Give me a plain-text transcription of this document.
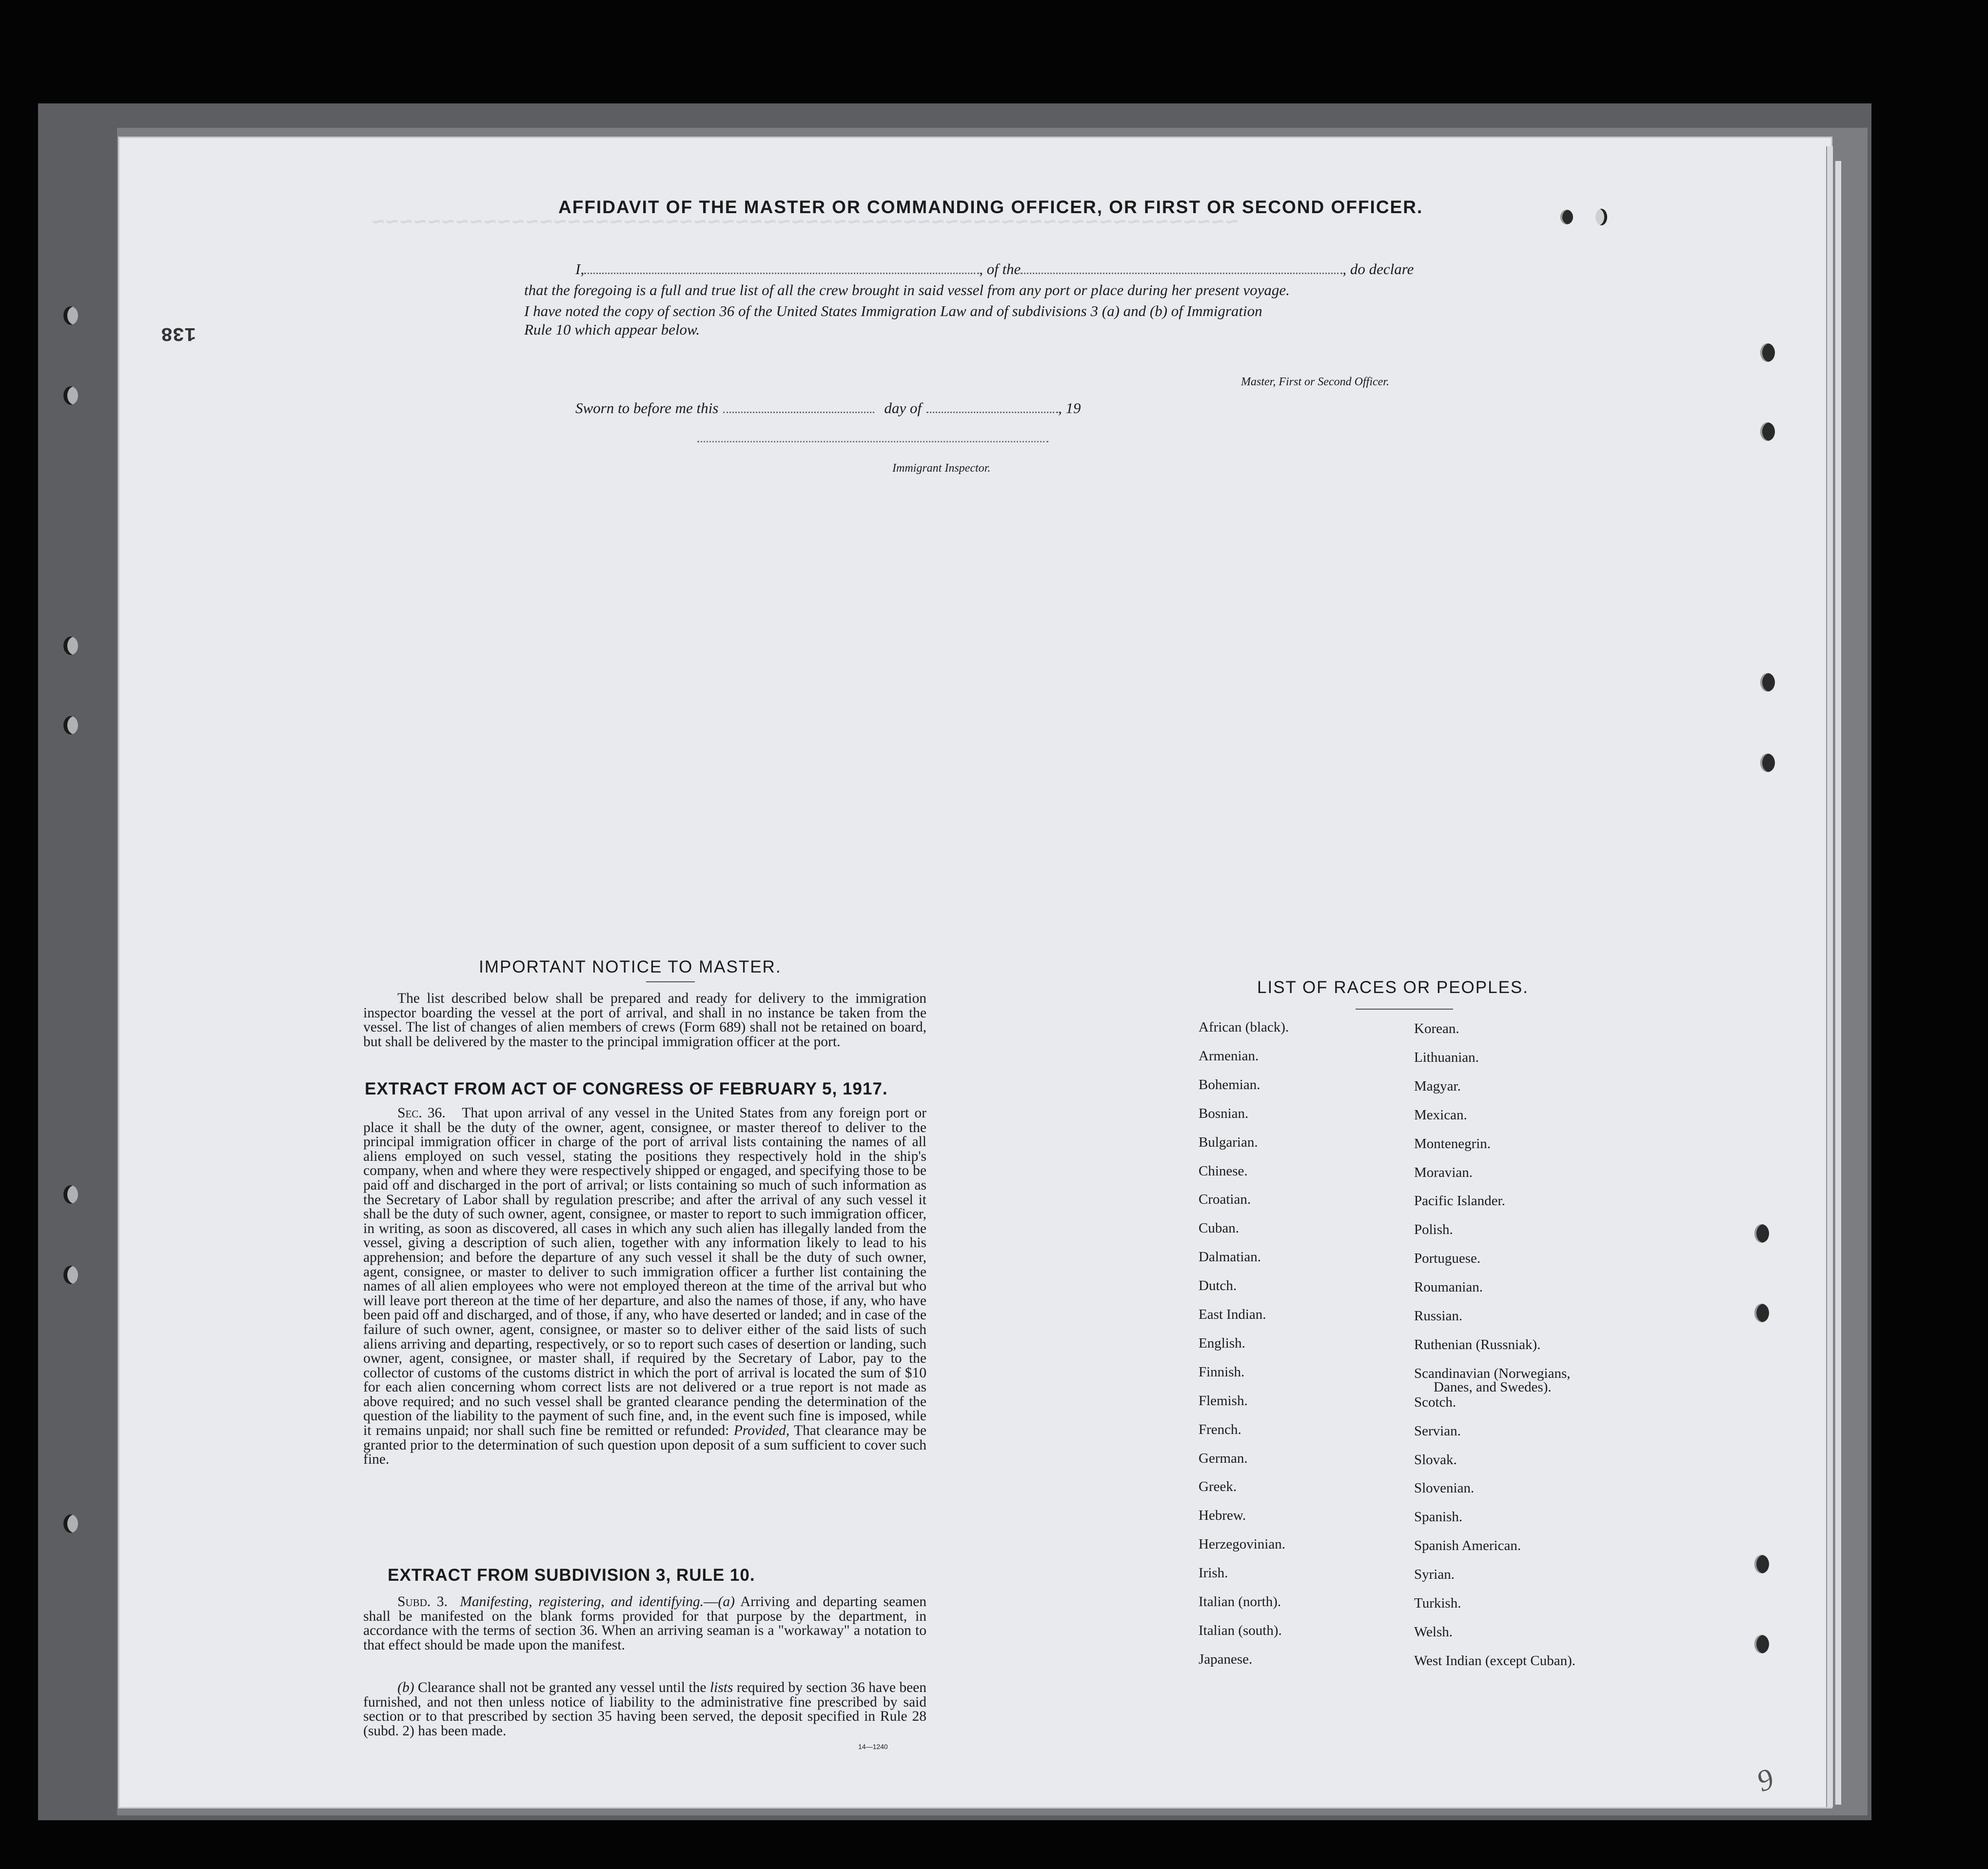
~~~~~~~~~~~~~~~~~~~~~~~~~~~~~~~~~~~~~~~~~~~~~~~~~~~~~~~~~~~~~~
138
AFFIDAVIT OF THE MASTER OR COMMANDING OFFICER, OR FIRST OR SECOND OFFICER.
I,	, of the	, do declare
that the foregoing is a full and true list of all the crew brought in said vessel from any port or place during her present voyage.
I have noted the copy of section 36 of the United States Immigration Law and of subdivisions 3 (a) and (b) of Immigration
Rule 10 which appear below.
Master, First or Second Officer.
Sworn to before me this	day of	, 19
Immigrant Inspector.
IMPORTANT NOTICE TO MASTER.
The list described below shall be prepared and ready for delivery to the immigration inspector boarding the vessel at the port of arrival, and shall in no instance be taken from the vessel. The list of changes of alien members of crews (Form 689) shall not be retained on board, but shall be delivered by the master to the principal immigration officer at the port.
EXTRACT FROM ACT OF CONGRESS OF FEBRUARY 5, 1917.
Sec. 36. That upon arrival of any vessel in the United States from any foreign port or place it shall be the duty of the owner, agent, consignee, or master thereof to deliver to the principal immigration officer in charge of the port of arrival lists containing the names of all aliens employed on such vessel, stating the positions they respectively hold in the ship's company, when and where they were respectively shipped or engaged, and specifying those to be paid off and discharged in the port of arrival; or lists containing so much of such information as the Secretary of Labor shall by regulation prescribe; and after the arrival of any such vessel it shall be the duty of such owner, agent, consignee, or master to report to such immigration officer, in writing, as soon as discovered, all cases in which any such alien has illegally landed from the vessel, giving a description of such alien, together with any information likely to lead to his apprehension; and before the departure of any such vessel it shall be the duty of such owner, agent, consignee, or master to deliver to such immigration officer a further list containing the names of all alien employees who were not employed thereon at the time of the arrival but who will leave port thereon at the time of her departure, and also the names of those, if any, who have been paid off and discharged, and of those, if any, who have deserted or landed; and in case of the failure of such owner, agent, consignee, or master so to deliver either of the said lists of such aliens arriving and departing, respectively, or so to report such cases of desertion or landing, such owner, agent, consignee, or master shall, if required by the Secretary of Labor, pay to the collector of customs of the customs district in which the port of arrival is located the sum of $10 for each alien concerning whom correct lists are not delivered or a true report is not made as above required; and no such vessel shall be granted clearance pending the determination of the question of the liability to the payment of such fine, and, in the event such fine is imposed, while it remains unpaid; nor shall such fine be remitted or refunded: Provided, That clearance may be granted prior to the determination of such question upon deposit of a sum sufficient to cover such fine.
EXTRACT FROM SUBDIVISION 3, RULE 10.
Subd. 3. Manifesting, registering, and identifying.—(a) Arriving and departing seamen shall be manifested on the blank forms provided for that purpose by the department, in accordance with the terms of section 36. When an arriving seaman is a "workaway" a notation to that effect should be made upon the manifest.
(b) Clearance shall not be granted any vessel until the lists required by section 36 have been furnished, and not then unless notice of liability to the administrative fine prescribed by said section or to that prescribed by section 35 having been served, the deposit specified in Rule 28 (subd. 2) has been made.
14—1240
LIST OF RACES OR PEOPLES.
African (black).
Armenian.
Bohemian.
Bosnian.
Bulgarian.
Chinese.
Croatian.
Cuban.
Dalmatian.
Dutch.
East Indian.
English.
Finnish.
Flemish.
French.
German.
Greek.
Hebrew.
Herzegovinian.
Irish.
Italian (north).
Italian (south).
Japanese.
Korean.
Lithuanian.
Magyar.
Mexican.
Montenegrin.
Moravian.
Pacific Islander.
Polish.
Portuguese.
Roumanian.
Russian.
Ruthenian (Russniak).
Scandinavian (Norwegians,
Danes, and Swedes).
Scotch.
Servian.
Slovak.
Slovenian.
Spanish.
Spanish American.
Syrian.
Turkish.
Welsh.
West Indian (except Cuban).
9
